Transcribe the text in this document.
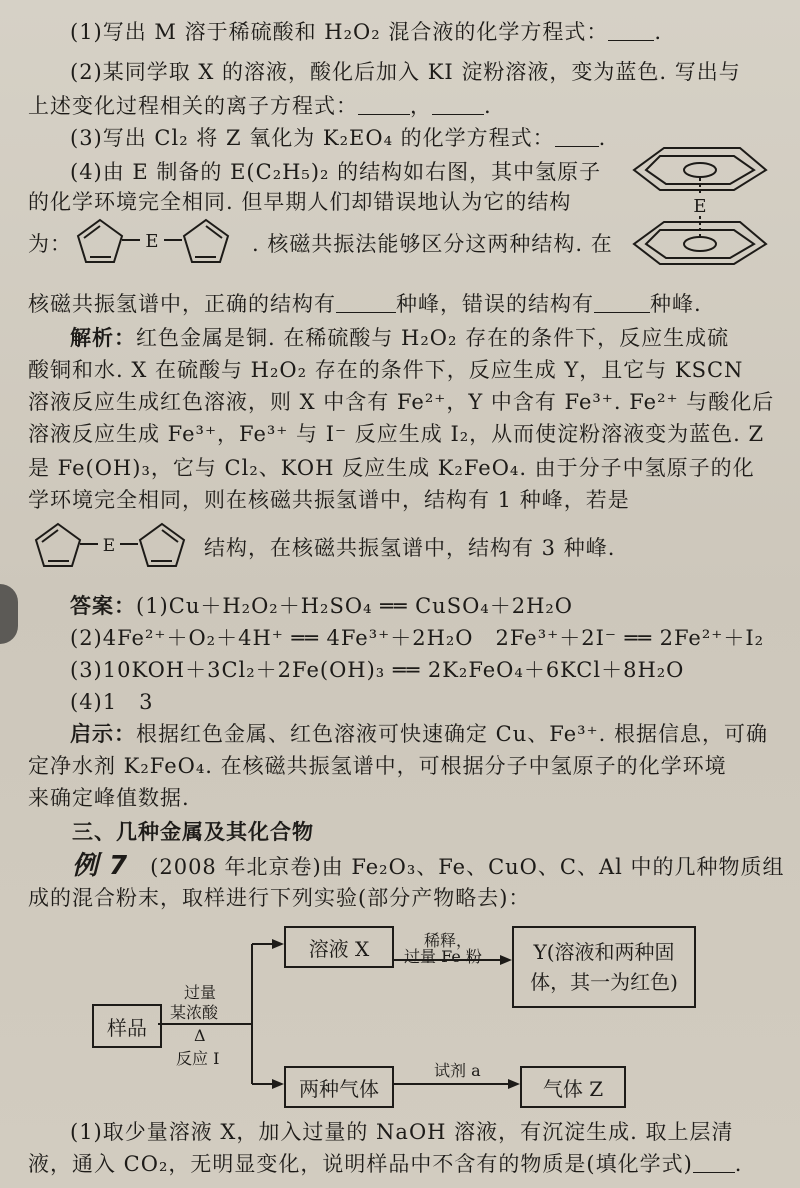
(1)写出 M 溶于稀硫酸和 H₂O₂ 混合液的化学方程式： .
(2)某同学取 X 的溶液，酸化后加入 KI 淀粉溶液，变为蓝色. 写出与
上述变化过程相关的离子方程式： ， .
(3)写出 Cl₂ 将 Z 氧化为 K₂EO₄ 的化学方程式： .
(4)由 E 制备的 E(C₂H₅)₂ 的结构如右图，其中氢原子
的化学环境完全相同. 但早期人们却错误地认为它的结构
为：	. 核磁共振法能够区分这两种结构. 在
E
E
核磁共振氢谱中，正确的结构有	种峰，错误的结构有	种峰.
解析：红色金属是铜. 在稀硫酸与 H₂O₂ 存在的条件下，反应生成硫
酸铜和水. X 在硫酸与 H₂O₂ 存在的条件下，反应生成 Y，且它与 KSCN
溶液反应生成红色溶液，则 X 中含有 Fe²⁺，Y 中含有 Fe³⁺. Fe²⁺ 与酸化后
溶液反应生成 Fe³⁺，Fe³⁺ 与 I⁻ 反应生成 I₂，从而使淀粉溶液变为蓝色. Z
是 Fe(OH)₃，它与 Cl₂、KOH 反应生成 K₂FeO₄. 由于分子中氢原子的化
学环境完全相同，则在核磁共振氢谱中，结构有 1 种峰，若是
E	结构，在核磁共振氢谱中，结构有 3 种峰.
答案：(1)Cu＋H₂O₂＋H₂SO₄ ══ CuSO₄＋2H₂O
(2)4Fe²⁺＋O₂＋4H⁺ ══ 4Fe³⁺＋2H₂O　2Fe³⁺＋2I⁻ ══ 2Fe²⁺＋I₂
(3)10KOH＋3Cl₂＋2Fe(OH)₃ ══ 2K₂FeO₄＋6KCl＋8H₂O
(4)1　3
启示：根据红色金属、红色溶液可快速确定 Cu、Fe³⁺. 根据信息，可确
定净水剂 K₂FeO₄. 在核磁共振氢谱中，可根据分子中氢原子的化学环境
来确定峰值数据.
三、几种金属及其化合物
例 7　 (2008 年北京卷)由 Fe₂O₃、Fe、CuO、C、Al 中的几种物质组
成的混合粉末，取样进行下列实验(部分产物略去)：
样品
过量
某浓酸
Δ
反应 I
溶液 X	稀释，
过量 Fe 粉	Y(溶液和两种固
体，其一为红色)
两种气体
试剂 a
气体 Z
(1)取少量溶液 X，加入过量的 NaOH 溶液，有沉淀生成. 取上层清
液，通入 CO₂，无明显变化，说明样品中不含有的物质是(填化学式) .
